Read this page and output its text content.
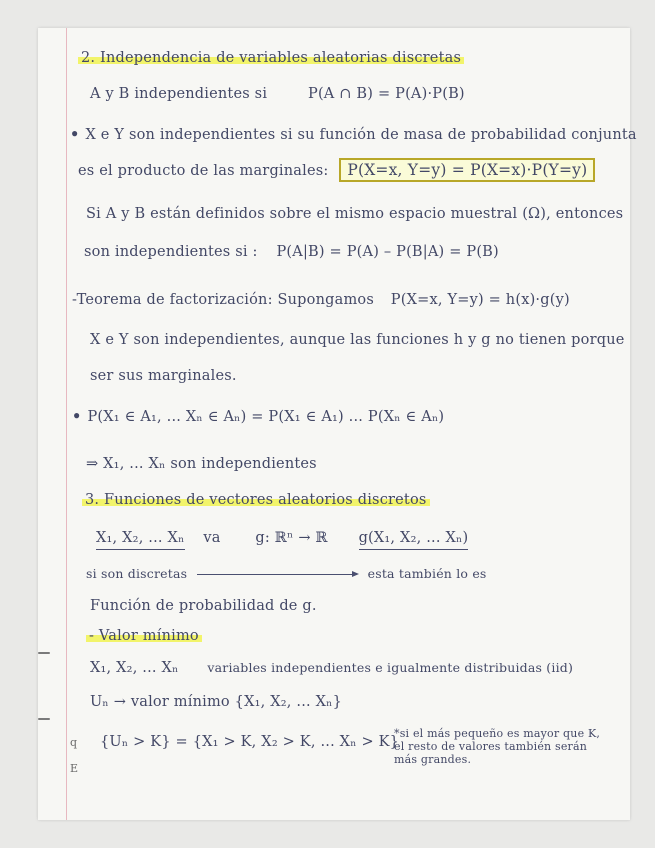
q
E
2. Independencia de variables aleatorias discretas
A y B independientes si	P(A ∩ B) = P(A)·P(B)
• X e Y son independientes si su función de masa de probabilidad conjunta
es el producto de las marginales: P(X=x, Y=y) = P(X=x)·P(Y=y)
Si A y B están definidos sobre el mismo espacio muestral (Ω), entonces
son independientes si : P(A|B) = P(A) – P(B|A) = P(B)
-Teorema de factorización: Supongamos P(X=x, Y=y) = h(x)·g(y)
X e Y son independientes, aunque las funciones h y g no tienen porque
ser sus marginales.
• P(X₁ ∈ A₁, ... Xₙ ∈ Aₙ) = P(X₁ ∈ A₁) ... P(Xₙ ∈ Aₙ)
⇒ X₁, ... Xₙ son independientes
3. Funciones de vectores aleatorios discretos
X₁, X₂, ... Xₙ va g: ℝⁿ → ℝ g(X₁, X₂, ... Xₙ)
si son discretas	esta también lo es
Función de probabilidad de g.
- Valor mínimo
X₁, X₂, ... Xₙ variables independientes e igualmente distribuidas (iid)
Uₙ → valor mínimo {X₁, X₂, ... Xₙ}
{Uₙ > K} = {X₁ > K, X₂ > K, ... Xₙ > K}
*si el más pequeño es mayor que K, el resto de valores también serán más grandes.
